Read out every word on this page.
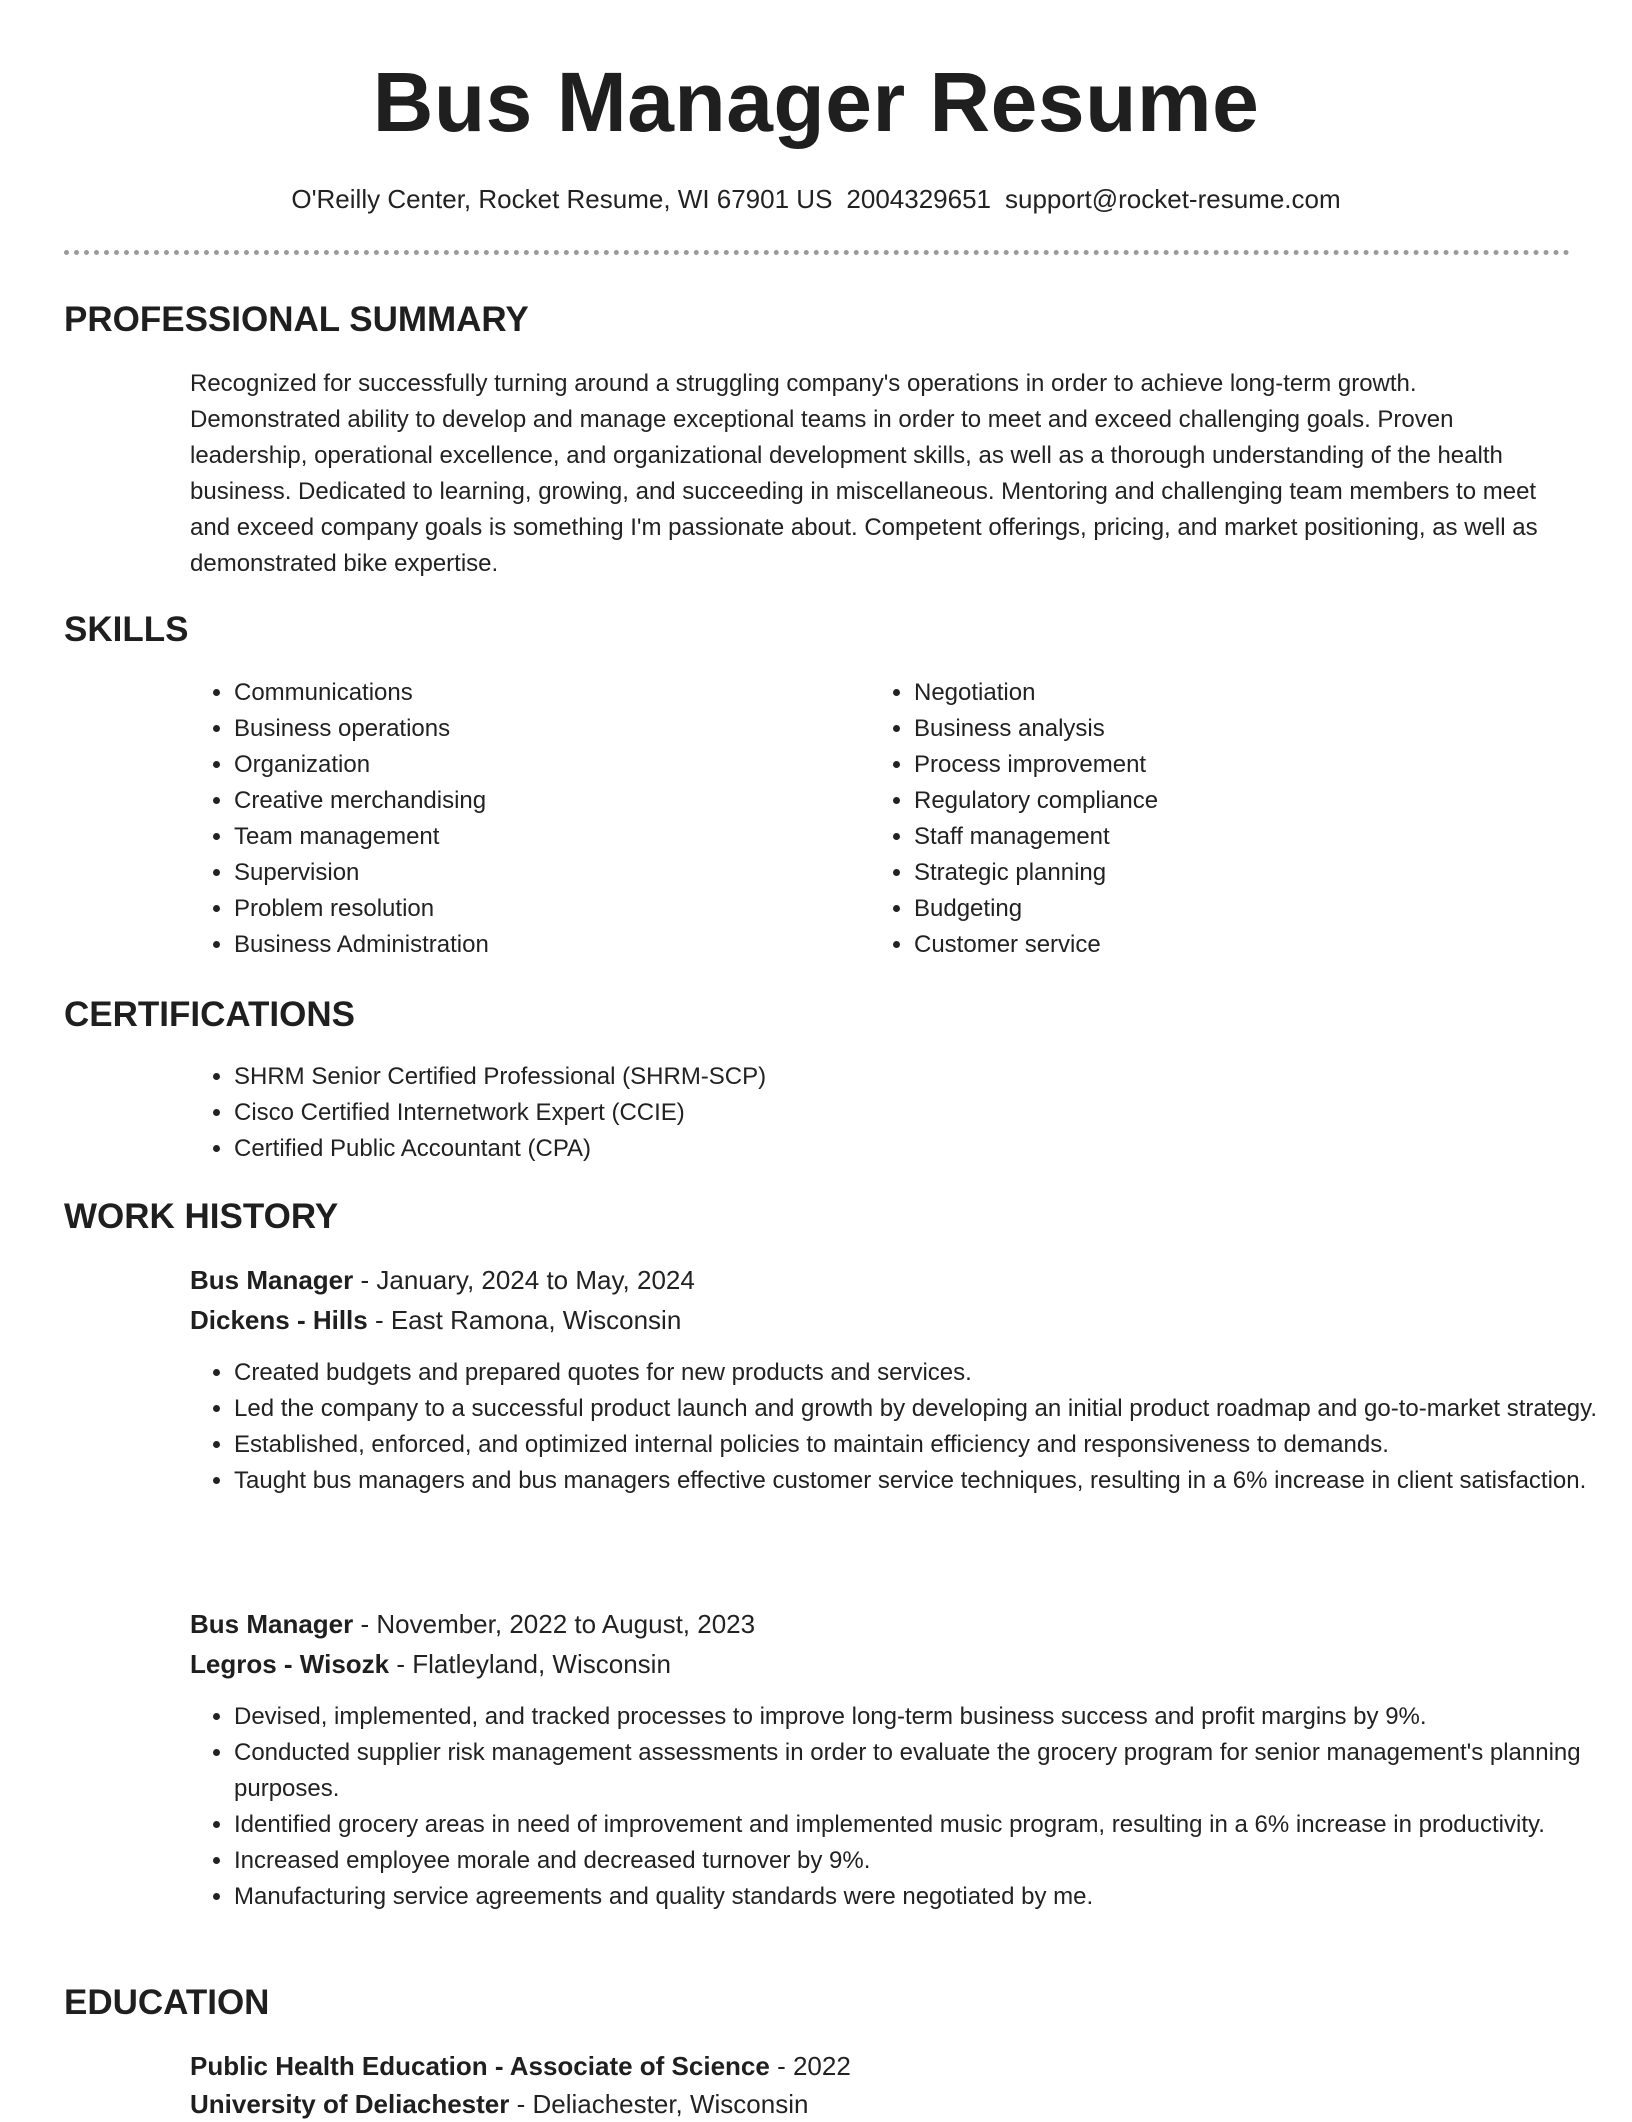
Bus Manager Resume
O'Reilly Center, Rocket Resume, WI 67901 US 2004329651 support@rocket-resume.com
PROFESSIONAL SUMMARY

Recognized for successfully turning around a struggling company's operations in order to achieve long-term growth. Demonstrated ability to develop and manage exceptional teams in order to meet and exceed challenging goals. Proven leadership, operational excellence, and organizational development skills, as well as a thorough understanding of the health business. Dedicated to learning, growing, and succeeding in miscellaneous. Mentoring and challenging team members to meet and exceed company goals is something I'm passionate about. Competent offerings, pricing, and market positioning, as well as demonstrated bike expertise.

SKILLS
• Communications
• Business operations
• Organization
• Creative merchandising
• Team management
• Supervision
• Problem resolution
• Business Administration
• Negotiation
• Business analysis
• Process improvement
• Regulatory compliance
• Staff management
• Strategic planning
• Budgeting
• Customer service
CERTIFICATIONS
• SHRM Senior Certified Professional (SHRM-SCP)
• Cisco Certified Internetwork Expert (CCIE)
• Certified Public Accountant (CPA)
WORK HISTORY
Bus Manager - January, 2024 to May, 2024
Dickens - Hills - East Ramona, Wisconsin
• Created budgets and prepared quotes for new products and services.
• Led the company to a successful product launch and growth by developing an initial product roadmap and go-to-market strategy.
• Established, enforced, and optimized internal policies to maintain efficiency and responsiveness to demands.
• Taught bus managers and bus managers effective customer service techniques, resulting in a 6% increase in client satisfaction.
Bus Manager - November, 2022 to August, 2023
Legros - Wisozk - Flatleyland, Wisconsin
• Devised, implemented, and tracked processes to improve long-term business success and profit margins by 9%.
• Conducted supplier risk management assessments in order to evaluate the grocery program for senior management's planning purposes.
• Identified grocery areas in need of improvement and implemented music program, resulting in a 6% increase in productivity.
• Increased employee morale and decreased turnover by 9%.
• Manufacturing service agreements and quality standards were negotiated by me.
EDUCATION
Public Health Education - Associate of Science - 2022
University of Deliachester - Deliachester, Wisconsin
